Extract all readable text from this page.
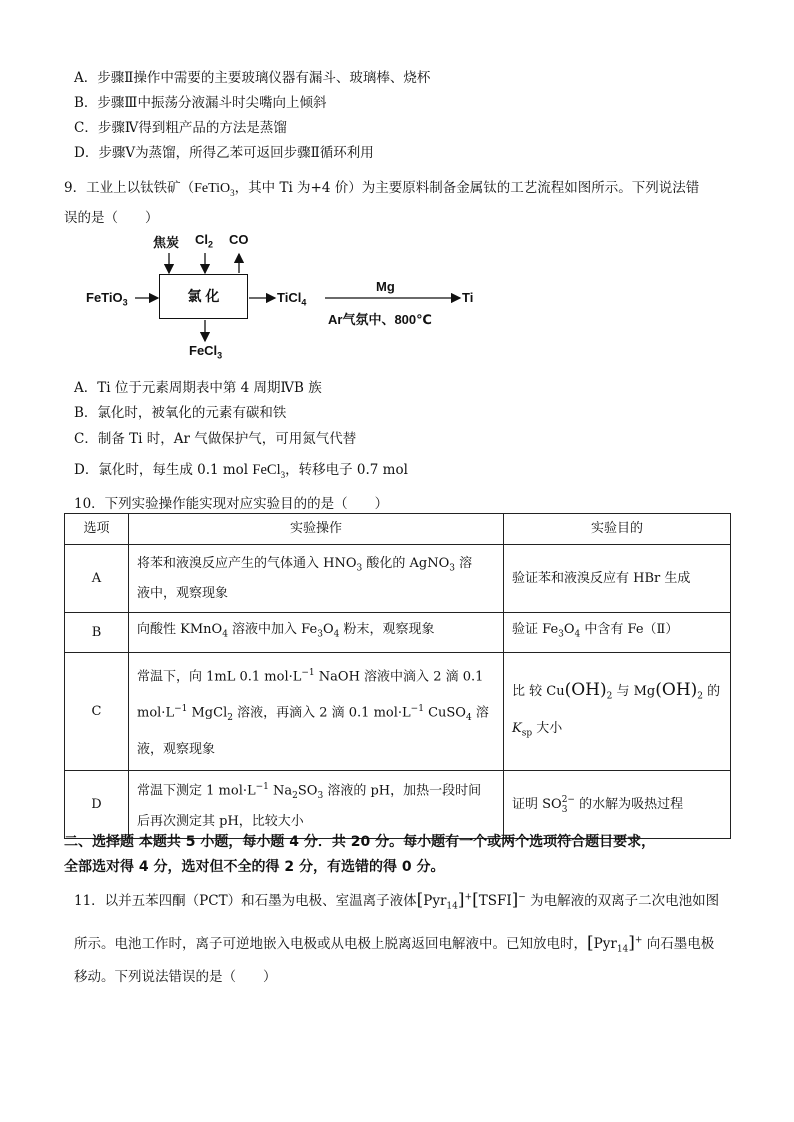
A．步骤Ⅱ操作中需要的主要玻璃仪器有漏斗、玻璃棒、烧杯
B．步骤Ⅲ中振荡分液漏斗时尖嘴向上倾斜
C．步骤Ⅳ得到粗产品的方法是蒸馏
D．步骤Ⅴ为蒸馏，所得乙苯可返回步骤Ⅱ循环利用
9．工业上以钛铁矿（FeTiO$_3$，其中 Ti 为+4 价）为主要原料制备金属钛的工艺流程如图所示。下列说法错
误的是（　　）
焦炭 $Cl_2$ CO
FeTiO$_3$	氯 化	TiCl$_4$
FeCl$_3$
Mg
Ar气氛中、800℃
Ti
A．Ti 位于元素周期表中第 4 周期ⅣB 族
B．氯化时，被氧化的元素有碳和铁
C．制备 Ti 时，Ar 气做保护气，可用氮气代替
D．氯化时，每生成 0.1 mol FeCl$_3$，转移电子 0.7 mol
10．下列实验操作能实现对应实验目的的是（　　）
选项	实验操作	实验目的
A	将苯和液溴反应产生的气体通入 $HNO_3$ 酸化的 AgNO$_3$ 溶
液中，观察现象	验证苯和液溴反应有 HBr 生成
B	向酸性 KMnO$_4$ 溶液中加入 $Fe_3O_4$ 粉末，观察现象	验证 $Fe_3O_4$ 中含有 Fe（Ⅱ）
C	常温下，向 1mL 0.1 $mol\cdot L^{-1}$ NaOH 溶液中滴入 2 滴 0.1
$mol\cdot L^{-1}$ MgCl$_2$ 溶液，再滴入 2 滴 0.1 $mol\cdot L^{-1}$ CuSO$_4$ 溶
液，观察现象	比 较 $Cu(OH)_2$ 与 $Mg(OH)_2$ 的
$K_{sp}$ 大小
D	常温下测定 1 $mol\cdot L^{-1}$ $Na_2SO_3$ 溶液的 pH，加热一段时间
后再次测定其 pH，比较大小	证明 SO2−
3 的水解为吸热过程
二、选择题 本题共 5 小题，每小题 4 分．共 20 分。每小题有一个或两个选项符合题目要求，
全部选对得 4 分，选对但不全的得 2 分，有选错的得 0 分。
11．以并五苯四酮（PCT）和石墨为电极、室温离子液体[Pyr$_{14}$]+[TSFI]− 为电解液的双离子二次电池如图
所示。电池工作时，离子可逆地嵌入电极或从电极上脱离返回电解液中。已知放电时，[Pyr$_{14}$]+ 向石墨电极
移动。下列说法错误的是（　　）
